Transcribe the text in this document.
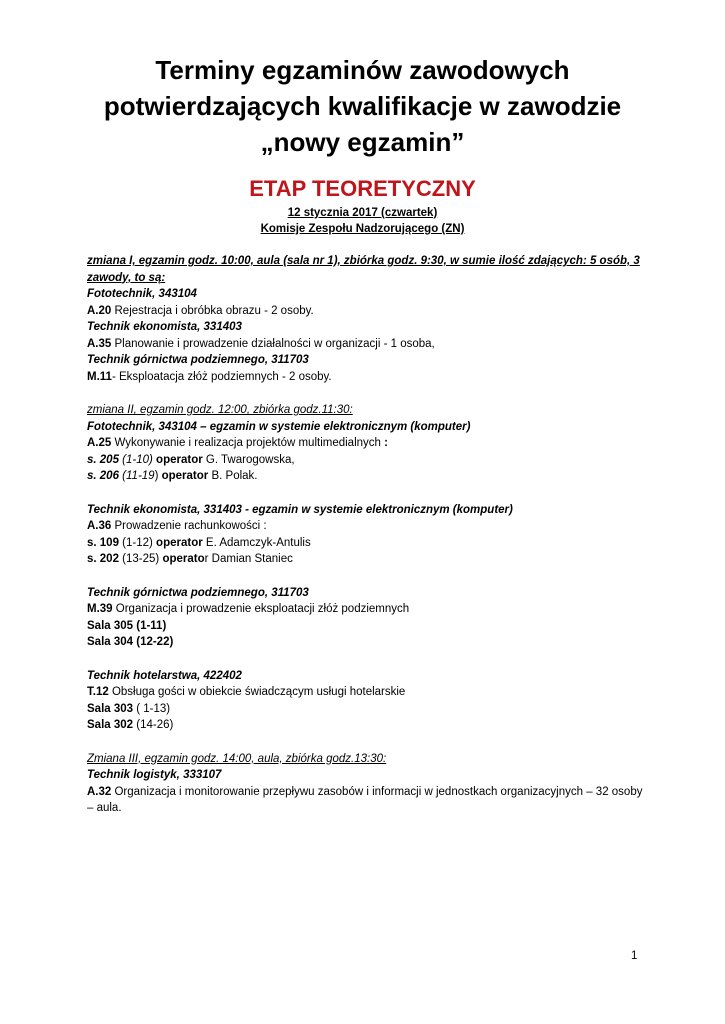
Terminy egzaminów zawodowych
potwierdzających kwalifikacje w zawodzie
„nowy egzamin”
ETAP TEORETYCZNY
12 stycznia 2017 (czwartek)
Komisje Zespołu Nadzorującego (ZN)

zmiana I, egzamin godz. 10:00, aula (sala nr 1), zbiórka godz. 9:30, w sumie ilość zdających: 5 osób, 3 zawody, to są:

Fototechnik, 343104

A.20 Rejestracja i obróbka obrazu - 2 osoby.

Technik ekonomista, 331403

A.35 Planowanie i prowadzenie działalności w organizacji - 1 osoba,

Technik górnictwa podziemnego, 311703

M.11- Eksploatacja złóż podziemnych - 2 osoby.

zmiana II, egzamin godz. 12:00, zbiórka godz.11:30:

Fototechnik, 343104 – egzamin w systemie elektronicznym (komputer)

A.25 Wykonywanie i realizacja projektów multimedialnych :

s. 205 (1-10) operator G. Twarogowska,

s. 206 (11-19) operator B. Polak.

Technik ekonomista, 331403 - egzamin w systemie elektronicznym (komputer)

A.36 Prowadzenie rachunkowości :

s. 109 (1-12) operator E. Adamczyk-Antulis

s. 202 (13-25) operator Damian Staniec

Technik górnictwa podziemnego, 311703

M.39 Organizacja i prowadzenie eksploatacji złóż podziemnych

Sala 305 (1-11)

Sala 304 (12-22)

Technik hotelarstwa, 422402

T.12 Obsługa gości w obiekcie świadczącym usługi hotelarskie

Sala 303 ( 1-13)

Sala 302 (14-26)

Zmiana III, egzamin godz. 14:00, aula, zbiórka godz.13:30:

Technik logistyk, 333107

A.32 Organizacja i monitorowanie przepływu zasobów i informacji w jednostkach organizacyjnych – 32 osoby – aula.

1
